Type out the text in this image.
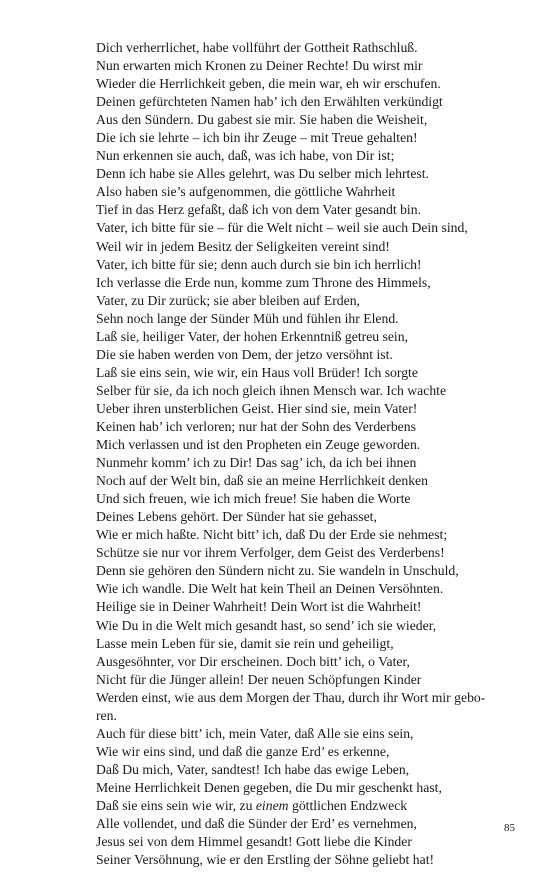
Dich verherrlichet, habe vollführt der Gottheit Rathschluß.
Nun erwarten mich Kronen zu Deiner Rechte! Du wirst mir
Wieder die Herrlichkeit geben, die mein war, eh wir erschufen.
Deinen gefürchteten Namen hab’ ich den Erwählten verkündigt
Aus den Sündern. Du gabest sie mir. Sie haben die Weisheit,
Die ich sie lehrte – ich bin ihr Zeuge – mit Treue gehalten!
Nun erkennen sie auch, daß, was ich habe, von Dir ist;
Denn ich habe sie Alles gelehrt, was Du selber mich lehrtest.
Also haben sie’s aufgenommen, die göttliche Wahrheit
Tief in das Herz gefaßt, daß ich von dem Vater gesandt bin.
Vater, ich bitte für sie – für die Welt nicht – weil sie auch Dein sind,
Weil wir in jedem Besitz der Seligkeiten vereint sind!
Vater, ich bitte für sie; denn auch durch sie bin ich herrlich!
Ich verlasse die Erde nun, komme zum Throne des Himmels,
Vater, zu Dir zurück; sie aber bleiben auf Erden,
Sehn noch lange der Sünder Müh und fühlen ihr Elend.
Laß sie, heiliger Vater, der hohen Erkenntniß getreu sein,
Die sie haben werden von Dem, der jetzo versöhnt ist.
Laß sie eins sein, wie wir, ein Haus voll Brüder! Ich sorgte
Selber für sie, da ich noch gleich ihnen Mensch war. Ich wachte
Ueber ihren unsterblichen Geist. Hier sind sie, mein Vater!
Keinen hab’ ich verloren; nur hat der Sohn des Verderbens
Mich verlassen und ist den Propheten ein Zeuge geworden.
Nunmehr komm’ ich zu Dir! Das sag’ ich, da ich bei ihnen
Noch auf der Welt bin, daß sie an meine Herrlichkeit denken
Und sich freuen, wie ich mich freue! Sie haben die Worte
Deines Lebens gehört. Der Sünder hat sie gehasset,
Wie er mich haßte. Nicht bitt’ ich, daß Du der Erde sie nehmest;
Schütze sie nur vor ihrem Verfolger, dem Geist des Verderbens!
Denn sie gehören den Sündern nicht zu. Sie wandeln in Unschuld,
Wie ich wandle. Die Welt hat kein Theil an Deinen Versöhnten.
Heilige sie in Deiner Wahrheit! Dein Wort ist die Wahrheit!
Wie Du in die Welt mich gesandt hast, so send’ ich sie wieder,
Lasse mein Leben für sie, damit sie rein und geheiligt,
Ausgesöhnter, vor Dir erscheinen. Doch bitt’ ich, o Vater,
Nicht für die Jünger allein! Der neuen Schöpfungen Kinder
Werden einst, wie aus dem Morgen der Thau, durch ihr Wort mir gebo-
ren.
Auch für diese bitt’ ich, mein Vater, daß Alle sie eins sein,
Wie wir eins sind, und daß die ganze Erd’ es erkenne,
Daß Du mich, Vater, sandtest! Ich habe das ewige Leben,
Meine Herrlichkeit Denen gegeben, die Du mir geschenkt hast,
Daß sie eins sein wie wir, zu einem göttlichen Endzweck
Alle vollendet, und daß die Sünder der Erd’ es vernehmen,
Jesus sei von dem Himmel gesandt! Gott liebe die Kinder
Seiner Versöhnung, wie er den Erstling der Söhne geliebt hat!
85
